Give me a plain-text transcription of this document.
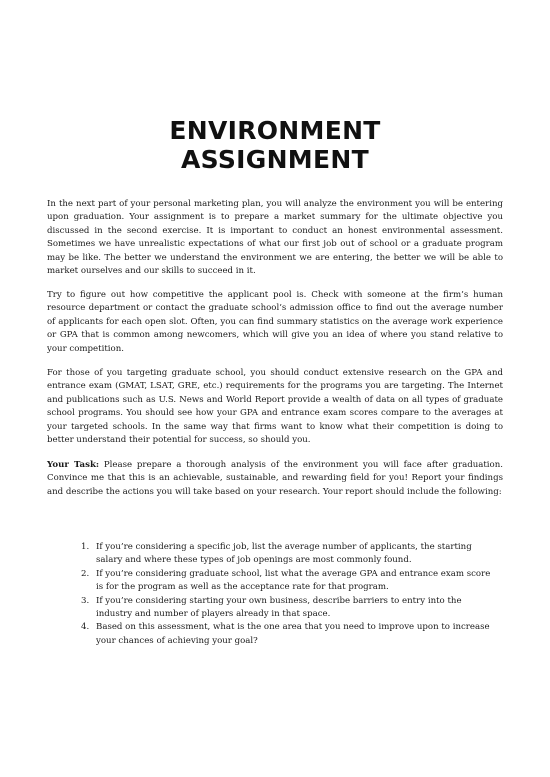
ENVIRONMENT
ASSIGNMENT

In the next part of your personal marketing plan, you will analyze the environment you will be entering upon graduation. Your assignment is to prepare a market summary for the ultimate objective you discussed in the second exercise. It is important to conduct an honest environmental assessment. Sometimes we have unrealistic expectations of what our first job out of school or a graduate program may be like. The better we understand the environment we are entering, the better we will be able to market ourselves and our skills to succeed in it.

Try to figure out how competitive the applicant pool is. Check with someone at the firm’s human resource department or contact the graduate school’s admission office to find out the average number of applicants for each open slot. Often, you can find summary statistics on the average work experience or GPA that is common among newcomers, which will give you an idea of where you stand relative to your competition.

For those of you targeting graduate school, you should conduct extensive research on the GPA and entrance exam (GMAT, LSAT, GRE, etc.) requirements for the programs you are targeting. The Internet and publications such as U.S. News and World Report provide a wealth of data on all types of graduate school programs. You should see how your GPA and entrance exam scores compare to the averages at your targeted schools. In the same way that firms want to know what their competition is doing to better understand their potential for success, so should you.

Your Task: Please prepare a thorough analysis of the environment you will face after graduation. Convince me that this is an achievable, sustainable, and rewarding field for you! Report your findings and describe the actions you will take based on your research. Your report should include the following:

1. If you’re considering a specific job, list the average number of applicants, the starting salary and where these types of job openings are most commonly found.
2. If you’re considering graduate school, list what the average GPA and entrance exam score is for the program as well as the acceptance rate for that program.
3. If you’re considering starting your own business, describe barriers to entry into the industry and number of players already in that space.
4. Based on this assessment, what is the one area that you need to improve upon to increase your chances of achieving your goal?
